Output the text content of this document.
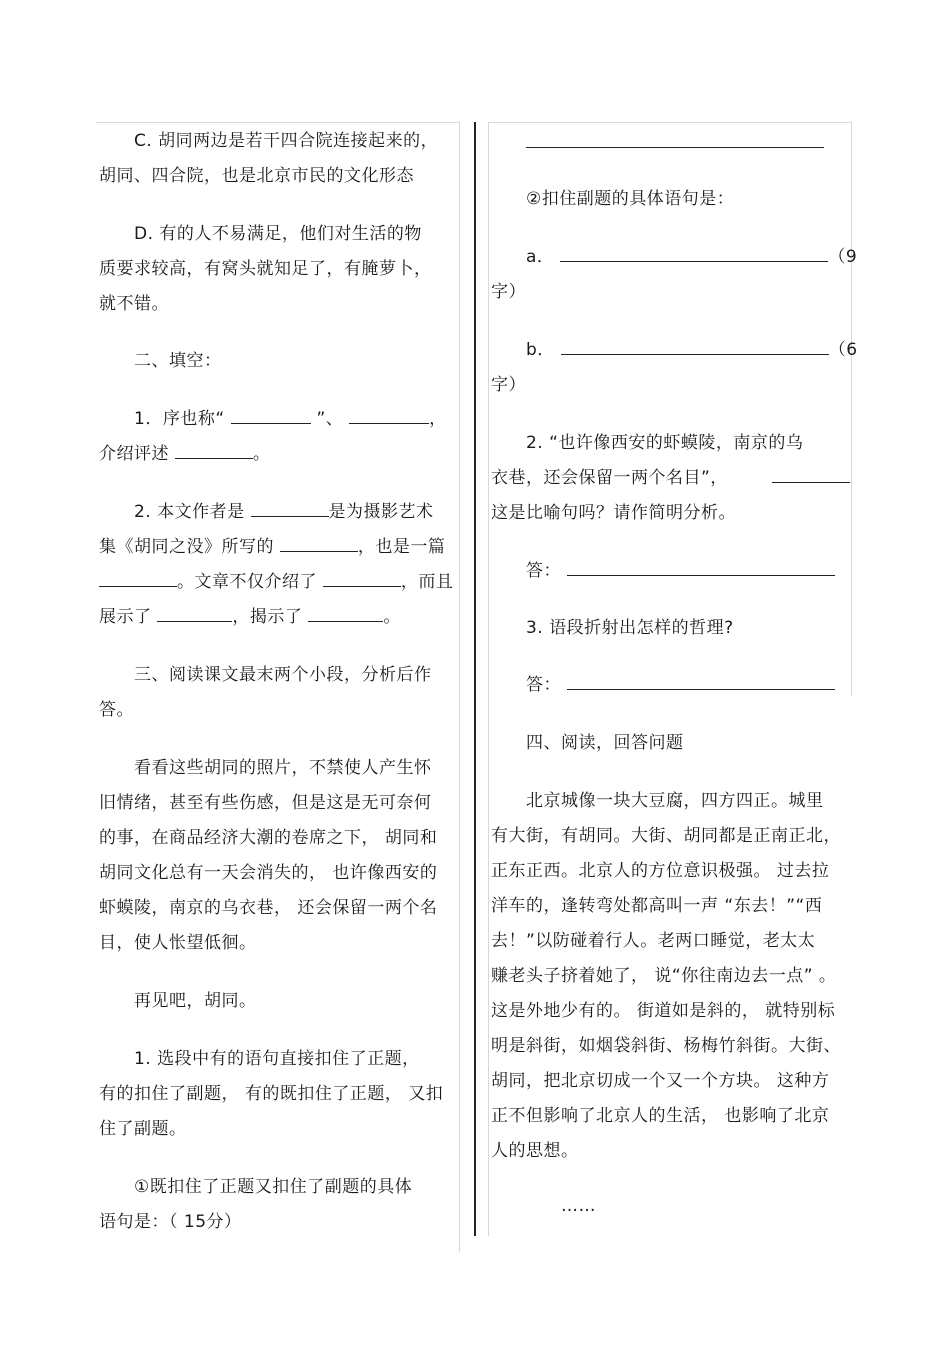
C. 胡同两边是若干四合院连接起来的，
胡同、四合院，也是北京市民的文化形态
D. 有的人不易满足，他们对生活的物
质要求较高，有窝头就知足了，有腌萝卜，
就不错。
二、填空：
1．序也称“	”、	，
介绍评述	。
2. 本文作者是	是为摄影艺术
集《胡同之没》所写的	，也是一篇
。文章不仅介绍了	，而且
展示了	，揭示了	。
三、阅读课文最末两个小段，分析后作
答。
看看这些胡同的照片，不禁使人产生怀
旧情绪，甚至有些伤感，但是这是无可奈何
的事，在商品经济大潮的卷席之下， 胡同和
胡同文化总有一天会消失的， 也许像西安的
虾蟆陵，南京的乌衣巷， 还会保留一两个名
目，使人怅望低徊。
再见吧，胡同。
1. 选段中有的语句直接扣住了正题，
有的扣住了副题， 有的既扣住了正题， 又扣
住了副题。
①既扣住了正题又扣住了副题的具体
语句是：（ 15分）
②扣住副题的具体语句是：
a．	（9
字）
b．	（6
字）
2. “也许像西安的虾蟆陵，南京的乌
衣巷，还会保留一两个名目”，
这是比喻句吗？请作简明分析。
答：
3. 语段折射出怎样的哲理?
答：
四、阅读，回答问题
北京城像一块大豆腐，四方四正。城里
有大街，有胡同。大街、胡同都是正南正北，
正东正西。北京人的方位意识极强。 过去拉
洋车的，逢转弯处都高叫一声 “东去！”“西
去！”以防碰着行人。老两口睡觉，老太太
赚老头子挤着她了， 说“你往南边去一点” 。
这是外地少有的。 街道如是斜的， 就特别标
明是斜街，如烟袋斜街、杨梅竹斜街。大街、
胡同，把北京切成一个又一个方块。 这种方
正不但影响了北京人的生活， 也影响了北京
人的思想。
……
